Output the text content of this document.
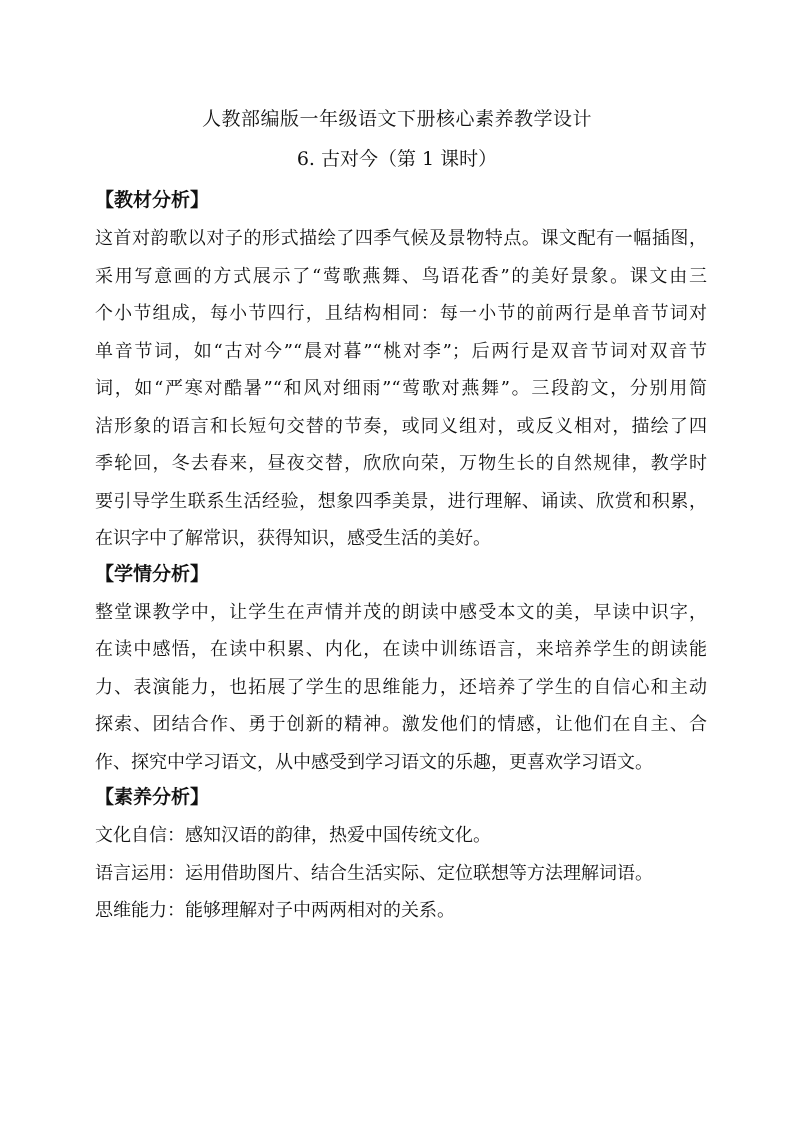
人教部编版一年级语文下册核心素养教学设计
6. 古对今（第 1 课时）
【教材分析】
这首对韵歌以对子的形式描绘了四季气候及景物特点。课文配有一幅插图，
采用写意画的方式展示了“莺歌燕舞、鸟语花香”的美好景象。课文由三
个小节组成，每小节四行，且结构相同：每一小节的前两行是单音节词对
单音节词，如“古对今”“晨对暮”“桃对李”；后两行是双音节词对双音节
词，如“严寒对酷暑”“和风对细雨”“莺歌对燕舞”。三段韵文，分别用简
洁形象的语言和长短句交替的节奏，或同义组对，或反义相对，描绘了四
季轮回，冬去春来，昼夜交替，欣欣向荣，万物生长的自然规律，教学时
要引导学生联系生活经验，想象四季美景，进行理解、诵读、欣赏和积累，
在识字中了解常识，获得知识，感受生活的美好。
【学情分析】
整堂课教学中，让学生在声情并茂的朗读中感受本文的美，早读中识字，
在读中感悟，在读中积累、内化，在读中训练语言，来培养学生的朗读能
力、表演能力，也拓展了学生的思维能力，还培养了学生的自信心和主动
探索、团结合作、勇于创新的精神。激发他们的情感，让他们在自主、合
作、探究中学习语文，从中感受到学习语文的乐趣，更喜欢学习语文。
【素养分析】
文化自信：感知汉语的韵律，热爱中国传统文化。
语言运用：运用借助图片、结合生活实际、定位联想等方法理解词语。
思维能力：能够理解对子中两两相对的关系。
